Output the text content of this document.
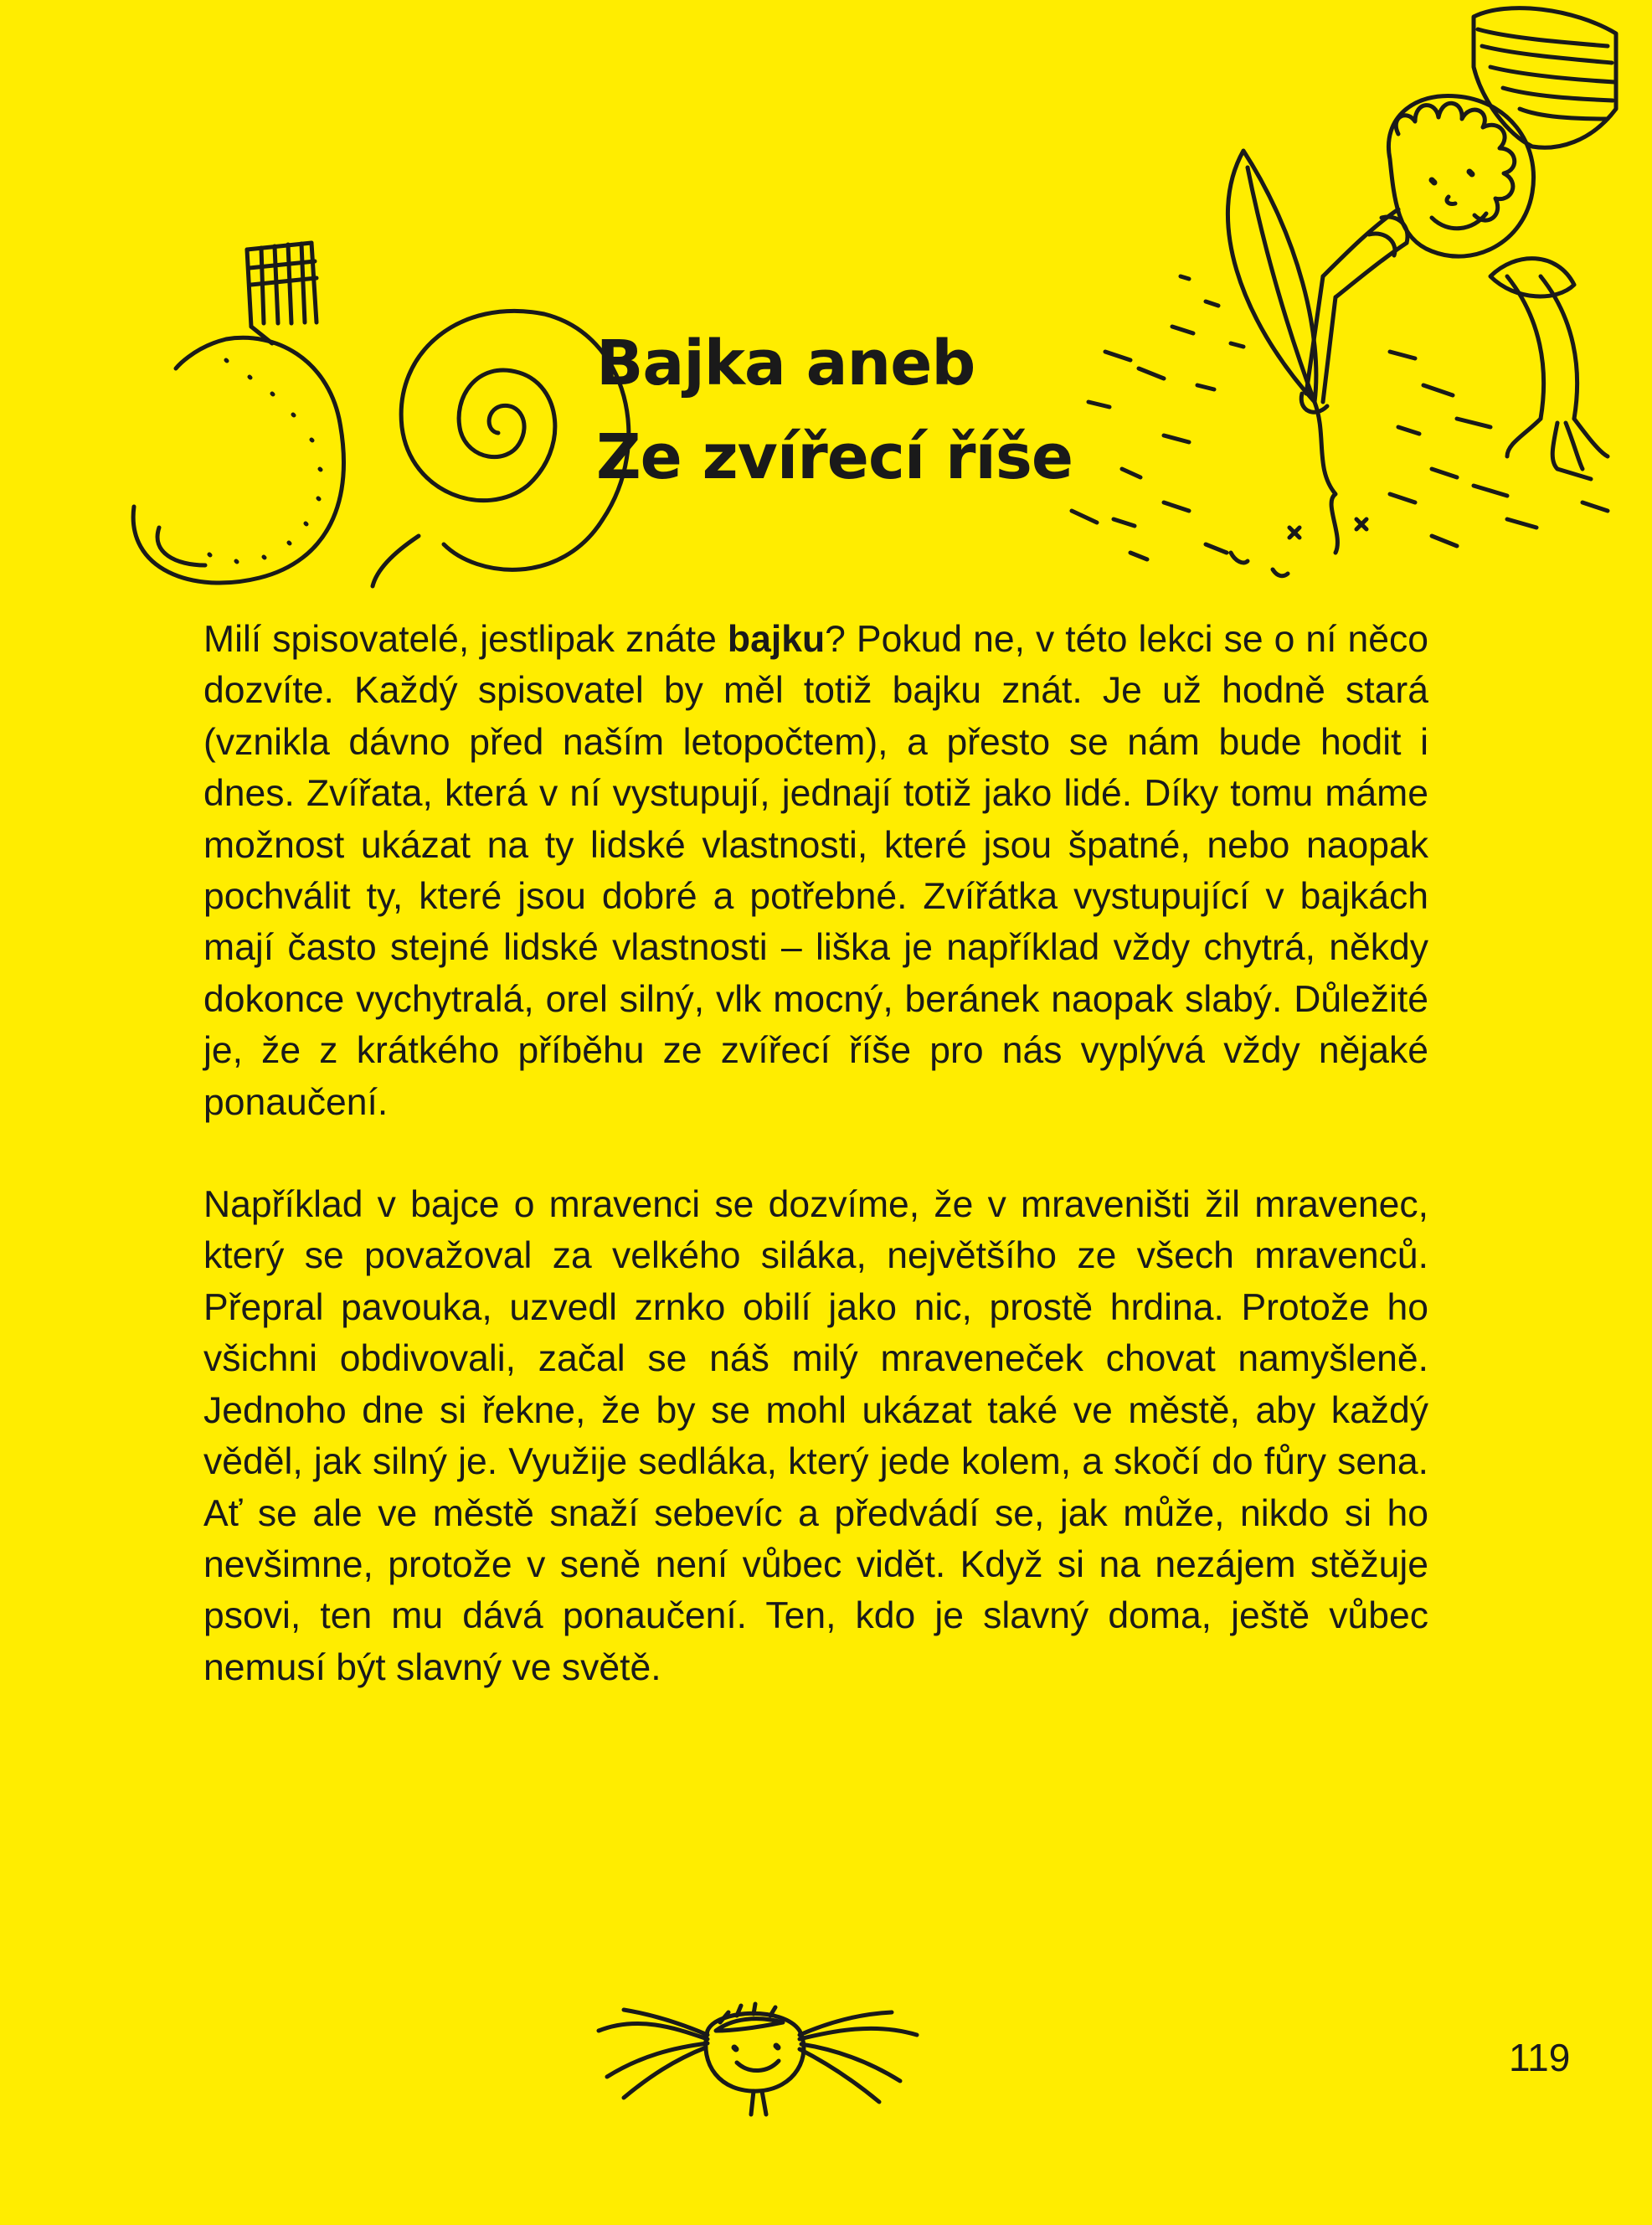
Bajka aneb
Ze zvířecí říše

Milí spisovatelé, jestlipak znáte bajku? Pokud ne, v této lekci se o ní něco dozvíte. Každý spisovatel by měl totiž bajku znát. Je už hodně stará (vznikla dávno před naším letopočtem), a přesto se nám bude hodit i dnes. Zvířata, která v ní vystupují, jednají totiž jako lidé. Díky tomu máme možnost ukázat na ty lidské vlastnosti, které jsou špatné, nebo naopak pochválit ty, které jsou dobré a potřebné. Zvířátka vystupující v bajkách mají často stejné lidské vlastnosti – liška je například vždy chytrá, někdy dokonce vychytralá, orel silný, vlk mocný, beránek naopak slabý. Důležité je, že z krátkého příběhu ze zvířecí říše pro nás vyplývá vždy nějaké ponaučení.

Například v bajce o mravenci se dozvíme, že v mraveništi žil mravenec, který se považoval za velkého siláka, největšího ze všech mravenců. Přepral pavouka, uzvedl zrnko obilí jako nic, prostě hrdina. Protože ho všichni obdivovali, začal se náš milý mraveneček chovat namyšleně. Jednoho dne si řekne, že by se mohl ukázat také ve městě, aby každý věděl, jak silný je. Využije sedláka, který jede kolem, a skočí do fůry sena. Ať se ale ve městě snaží sebevíc a předvádí se, jak může, nikdo si ho nevšimne, protože v seně není vůbec vidět. Když si na nezájem stěžuje psovi, ten mu dává ponaučení. Ten, kdo je slavný doma, ještě vůbec nemusí být slavný ve světě.

119
